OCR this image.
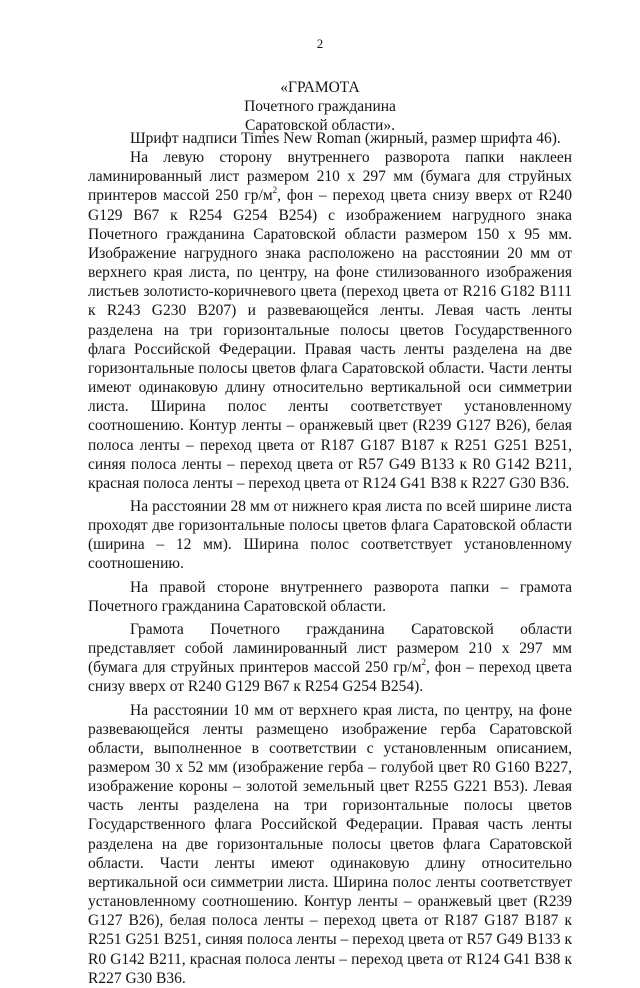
2
«ГРАМОТА
Почетного гражданина
Саратовской области».

Шрифт надписи Times New Roman (жирный, размер шрифта 46).

На левую сторону внутреннего разворота папки наклеен ламинированный лист размером 210 х 297 мм (бумага для струйных принтеров массой 250 $гр/м^2$, фон – переход цвета снизу вверх от R240 G129 B67 к R254 G254 B254) с изображением нагрудного знака Почетного гражданина Саратовской области размером 150 х 95 мм. Изображение нагрудного знака расположено на расстоянии 20 мм от верхнего края листа, по центру, на фоне стилизованного изображения листьев золотисто-коричневого цвета (переход цвета от R216 G182 B111 к R243 G230 B207) и развевающейся ленты. Левая часть ленты разделена на три горизонтальные полосы цветов Государственного флага Российской Федерации. Правая часть ленты разделена на две горизонтальные полосы цветов флага Саратовской области. Части ленты имеют одинаковую длину относительно вертикальной оси симметрии листа. Ширина полос ленты соответствует установленному соотношению. Контур ленты – оранжевый цвет (R239 G127 B26), белая полоса ленты – переход цвета от R187 G187 B187 к R251 G251 B251, синяя полоса ленты – переход цвета от R57 G49 B133 к R0 G142 B211, красная полоса ленты – переход цвета от R124 G41 B38 к R227 G30 B36.

На расстоянии 28 мм от нижнего края листа по всей ширине листа проходят две горизонтальные полосы цветов флага Саратовской области (ширина – 12 мм). Ширина полос соответствует установленному соотношению.

На правой стороне внутреннего разворота папки – грамота Почетного гражданина Саратовской области.

Грамота Почетного гражданина Саратовской области представляет собой ламинированный лист размером 210 х 297 мм (бумага для струйных принтеров массой 250 $гр/м^2$, фон – переход цвета снизу вверх от R240 G129 B67 к R254 G254 B254).

На расстоянии 10 мм от верхнего края листа, по центру, на фоне развевающейся ленты размещено изображение герба Саратовской области, выполненное в соответствии с установленным описанием, размером 30 х 52 мм (изображение герба – голубой цвет R0 G160 B227, изображение короны – золотой земельный цвет R255 G221 B53). Левая часть ленты разделена на три горизонтальные полосы цветов Государственного флага Российской Федерации. Правая часть ленты разделена на две горизонтальные полосы цветов флага Саратовской области. Части ленты имеют одинаковую длину относительно вертикальной оси симметрии листа. Ширина полос ленты соответствует установленному соотношению. Контур ленты – оранжевый цвет (R239 G127 B26), белая полоса ленты – переход цвета от R187 G187 B187 к R251 G251 B251, синяя полоса ленты – переход цвета от R57 G49 B133 к R0 G142 B211, красная полоса ленты – переход цвета от R124 G41 B38 к R227 G30 B36.
